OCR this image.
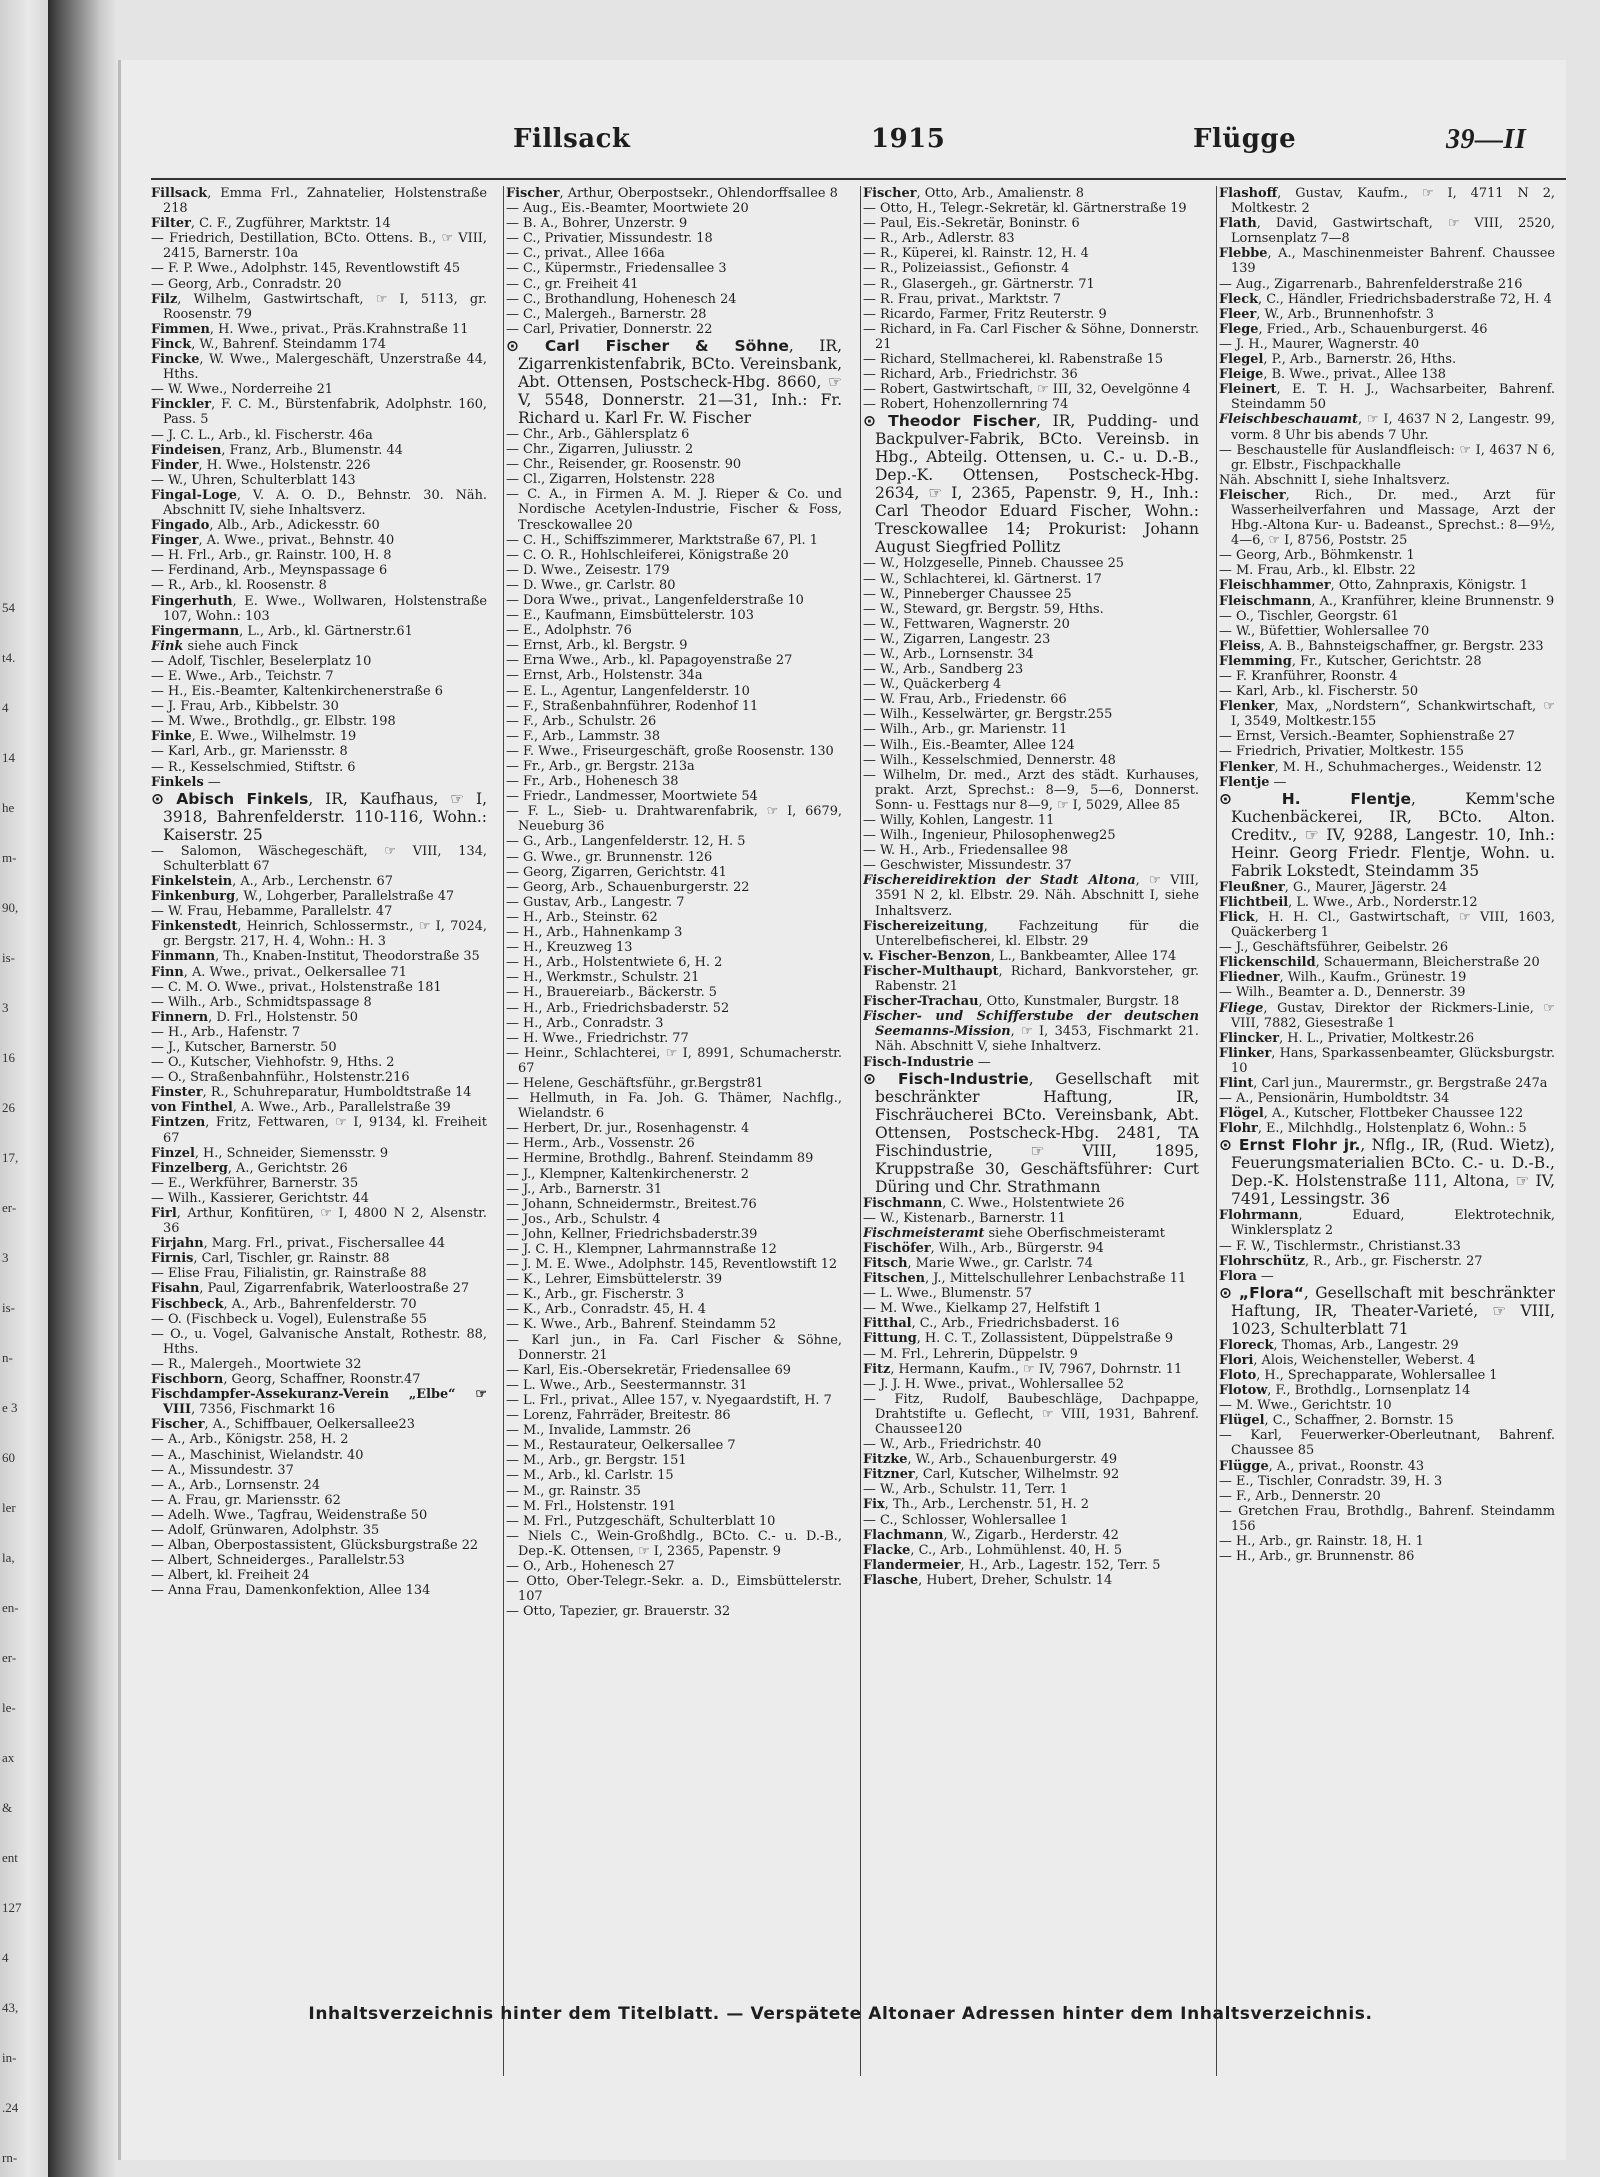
54
t4.
4
14
he
m-
90,
is-
3
16
26
17,
er-
3
is-
n-
e 3
60
ler
la,
en-
er-
le-
ax
&
ent
127
4
43,
in-
.24
rn-
Fillsack	1915	Flügge	39—II

Fillsack, Emma Frl., Zahnatelier, Holstenstraße 218

Filter, C. F., Zugführer, Marktstr. 14

— Friedrich, Destillation, BCto. Ottens. B., ☞ VIII, 2415, Barnerstr. 10a

— F. P. Wwe., Adolphstr. 145, Reventlowstift 45

— Georg, Arb., Conradstr. 20

Filz, Wilhelm, Gastwirtschaft, ☞ I, 5113, gr. Roosenstr. 79

Fimmen, H. Wwe., privat., Präs.Krahnstraße 11

Finck, W., Bahrenf. Steindamm 174

Fincke, W. Wwe., Malergeschäft, Unzerstraße 44, Hths.

— W. Wwe., Norderreihe 21

Finckler, F. C. M., Bürstenfabrik, Adolphstr. 160, Pass. 5

— J. C. L., Arb., kl. Fischerstr. 46a

Findeisen, Franz, Arb., Blumenstr. 44

Finder, H. Wwe., Holstenstr. 226

— W., Uhren, Schulterblatt 143

Fingal-Loge, V. A. O. D., Behnstr. 30. Näh. Abschnitt IV, siehe Inhaltsverz.

Fingado, Alb., Arb., Adickesstr. 60

Finger, A. Wwe., privat., Behnstr. 40

— H. Frl., Arb., gr. Rainstr. 100, H. 8

— Ferdinand, Arb., Meynspassage 6

— R., Arb., kl. Roosenstr. 8

Fingerhuth, E. Wwe., Wollwaren, Holstenstraße 107, Wohn.: 103

Fingermann, L., Arb., kl. Gärtnerstr.61

Fink siehe auch Finck

— Adolf, Tischler, Beselerplatz 10

— E. Wwe., Arb., Teichstr. 7

— H., Eis.-Beamter, Kaltenkirchenerstraße 6

— J. Frau, Arb., Kibbelstr. 30

— M. Wwe., Brothdlg., gr. Elbstr. 198

Finke, E. Wwe., Wilhelmstr. 19

— Karl, Arb., gr. Mariensstr. 8

— R., Kesselschmied, Stiftstr. 6

Finkels —

⊙ Abisch Finkels, IR, Kaufhaus, ☞ I, 3918, Bahrenfelderstr. 110-116, Wohn.: Kaiserstr. 25

— Salomon, Wäschegeschäft, ☞ VIII, 134, Schulterblatt 67

Finkelstein, A., Arb., Lerchenstr. 67

Finkenburg, W., Lohgerber, Parallelstraße 47

— W. Frau, Hebamme, Parallelstr. 47

Finkenstedt, Heinrich, Schlossermstr., ☞ I, 7024, gr. Bergstr. 217, H. 4, Wohn.: H. 3

Finmann, Th., Knaben-Institut, Theodorstraße 35

Finn, A. Wwe., privat., Oelkersallee 71

— C. M. O. Wwe., privat., Holstenstraße 181

— Wilh., Arb., Schmidtspassage 8

Finnern, D. Frl., Holstenstr. 50

— H., Arb., Hafenstr. 7

— J., Kutscher, Barnerstr. 50

— O., Kutscher, Viehhofstr. 9, Hths. 2

— O., Straßenbahnführ., Holstenstr.216

Finster, R., Schuhreparatur, Humboldtstraße 14

von Finthel, A. Wwe., Arb., Parallelstraße 39

Fintzen, Fritz, Fettwaren, ☞ I, 9134, kl. Freiheit 67

Finzel, H., Schneider, Siemensstr. 9

Finzelberg, A., Gerichtstr. 26

— E., Werkführer, Barnerstr. 35

— Wilh., Kassierer, Gerichtstr. 44

Firl, Arthur, Konfitüren, ☞ I, 4800 N 2, Alsenstr. 36

Firjahn, Marg. Frl., privat., Fischersallee 44

Firnis, Carl, Tischler, gr. Rainstr. 88

— Elise Frau, Filialistin, gr. Rainstraße 88

Fisahn, Paul, Zigarrenfabrik, Waterloostraße 27

Fischbeck, A., Arb., Bahrenfelderstr. 70

— O. (Fischbeck u. Vogel), Eulenstraße 55

— O., u. Vogel, Galvanische Anstalt, Rothestr. 88, Hths.

— R., Malergeh., Moortwiete 32

Fischborn, Georg, Schaffner, Roonstr.47

Fischdampfer-Assekuranz-Verein „Elbe“ ☞ VIII, 7356, Fischmarkt 16

Fischer, A., Schiffbauer, Oelkersallee23

— A., Arb., Königstr. 258, H. 2

— A., Maschinist, Wielandstr. 40

— A., Missundestr. 37

— A., Arb., Lornsenstr. 24

— A. Frau, gr. Mariensstr. 62

— Adelh. Wwe., Tagfrau, Weidenstraße 50

— Adolf, Grünwaren, Adolphstr. 35

— Alban, Oberpostassistent, Glücksburgstraße 22

— Albert, Schneiderges., Parallelstr.53

— Albert, kl. Freiheit 24

— Anna Frau, Damenkonfektion, Allee 134

Fischer, Arthur, Oberpostsekr., Ohlendorffsallee 8

— Aug., Eis.-Beamter, Moortwiete 20

— B. A., Bohrer, Unzerstr. 9

— C., Privatier, Missundestr. 18

— C., privat., Allee 166a

— C., Küpermstr., Friedensallee 3

— C., gr. Freiheit 41

— C., Brothandlung, Hohenesch 24

— C., Malergeh., Barnerstr. 28

— Carl, Privatier, Donnerstr. 22

⊙ Carl Fischer & Söhne, IR, Zigarrenkistenfabrik, BCto. Vereinsbank, Abt. Ottensen, Postscheck-Hbg. 8660, ☞ V, 5548, Donnerstr. 21—31, Inh.: Fr. Richard u. Karl Fr. W. Fischer

— Chr., Arb., Gählersplatz 6

— Chr., Zigarren, Juliusstr. 2

— Chr., Reisender, gr. Roosenstr. 90

— Cl., Zigarren, Holstenstr. 228

— C. A., in Firmen A. M. J. Rieper & Co. und Nordische Acetylen-Industrie, Fischer & Foss, Tresckowallee 20

— C. H., Schiffszimmerer, Marktstraße 67, Pl. 1

— C. O. R., Hohlschleiferei, Königstraße 20

— D. Wwe., Zeisestr. 179

— D. Wwe., gr. Carlstr. 80

— Dora Wwe., privat., Langenfelderstraße 10

— E., Kaufmann, Eimsbüttelerstr. 103

— E., Adolphstr. 76

— Ernst, Arb., kl. Bergstr. 9

— Erna Wwe., Arb., kl. Papagoyenstraße 27

— Ernst, Arb., Holstenstr. 34a

— E. L., Agentur, Langenfelderstr. 10

— F., Straßenbahnführer, Rodenhof 11

— F., Arb., Schulstr. 26

— F., Arb., Lammstr. 38

— F. Wwe., Friseurgeschäft, große Roosenstr. 130

— Fr., Arb., gr. Bergstr. 213a

— Fr., Arb., Hohenesch 38

— Friedr., Landmesser, Moortwiete 54

— F. L., Sieb- u. Drahtwarenfabrik, ☞ I, 6679, Neueburg 36

— G., Arb., Langenfelderstr. 12, H. 5

— G. Wwe., gr. Brunnenstr. 126

— Georg, Zigarren, Gerichtstr. 41

— Georg, Arb., Schauenburgerstr. 22

— Gustav, Arb., Langestr. 7

— H., Arb., Steinstr. 62

— H., Arb., Hahnenkamp 3

— H., Kreuzweg 13

— H., Arb., Holstentwiete 6, H. 2

— H., Werkmstr., Schulstr. 21

— H., Brauereiarb., Bäckerstr. 5

— H., Arb., Friedrichsbaderstr. 52

— H., Arb., Conradstr. 3

— H. Wwe., Friedrichstr. 77

— Heinr., Schlachterei, ☞ I, 8991, Schumacherstr. 67

— Helene, Geschäftsführ., gr.Bergstr81

— Hellmuth, in Fa. Joh. G. Thämer, Nachflg., Wielandstr. 6

— Herbert, Dr. jur., Rosenhagenstr. 4

— Herm., Arb., Vossenstr. 26

— Hermine, Brothdlg., Bahrenf. Steindamm 89

— J., Klempner, Kaltenkirchenerstr. 2

— J., Arb., Barnerstr. 31

— Johann, Schneidermstr., Breitest.76

— Jos., Arb., Schulstr. 4

— John, Kellner, Friedrichsbaderstr.39

— J. C. H., Klempner, Lahrmannstraße 12

— J. M. E. Wwe., Adolphstr. 145, Reventlowstift 12

— K., Lehrer, Eimsbüttelerstr. 39

— K., Arb., gr. Fischerstr. 3

— K., Arb., Conradstr. 45, H. 4

— K. Wwe., Arb., Bahrenf. Steindamm 52

— Karl jun., in Fa. Carl Fischer & Söhne, Donnerstr. 21

— Karl, Eis.-Obersekretär, Friedensallee 69

— L. Wwe., Arb., Seestermannstr. 31

— L. Frl., privat., Allee 157, v. Nyegaardstift, H. 7

— Lorenz, Fahrräder, Breitestr. 86

— M., Invalide, Lammstr. 26

— M., Restaurateur, Oelkersallee 7

— M., Arb., gr. Bergstr. 151

— M., Arb., kl. Carlstr. 15

— M., gr. Rainstr. 35

— M. Frl., Holstenstr. 191

— M. Frl., Putzgeschäft, Schulterblatt 10

— Niels C., Wein-Großhdlg., BCto. C.- u. D.-B., Dep.-K. Ottensen, ☞ I, 2365, Papenstr. 9

— O., Arb., Hohenesch 27

— Otto, Ober-Telegr.-Sekr. a. D., Eimsbüttelerstr. 107

— Otto, Tapezier, gr. Brauerstr. 32

Fischer, Otto, Arb., Amalienstr. 8

— Otto, H., Telegr.-Sekretär, kl. Gärtnerstraße 19

— Paul, Eis.-Sekretär, Boninstr. 6

— R., Arb., Adlerstr. 83

— R., Küperei, kl. Rainstr. 12, H. 4

— R., Polizeiassist., Gefionstr. 4

— R., Glasergeh., gr. Gärtnerstr. 71

— R. Frau, privat., Marktstr. 7

— Ricardo, Farmer, Fritz Reuterstr. 9

— Richard, in Fa. Carl Fischer & Söhne, Donnerstr. 21

— Richard, Stellmacherei, kl. Rabenstraße 15

— Richard, Arb., Friedrichstr. 36

— Robert, Gastwirtschaft, ☞ III, 32, Oevelgönne 4

— Robert, Hohenzollernring 74

⊙ Theodor Fischer, IR, Pudding- und Backpulver-Fabrik, BCto. Vereinsb. in Hbg., Abteilg. Ottensen, u. C.- u. D.-B., Dep.-K. Ottensen, Postscheck-Hbg. 2634, ☞ I, 2365, Papenstr. 9, H., Inh.: Carl Theodor Eduard Fischer, Wohn.: Tresckowallee 14; Prokurist: Johann August Siegfried Pollitz

— W., Holzgeselle, Pinneb. Chaussee 25

— W., Schlachterei, kl. Gärtnerst. 17

— W., Pinneberger Chaussee 25

— W., Steward, gr. Bergstr. 59, Hths.

— W., Fettwaren, Wagnerstr. 20

— W., Zigarren, Langestr. 23

— W., Arb., Lornsenstr. 34

— W., Arb., Sandberg 23

— W., Quäckerberg 4

— W. Frau, Arb., Friedenstr. 66

— Wilh., Kesselwärter, gr. Bergstr.255

— Wilh., Arb., gr. Marienstr. 11

— Wilh., Eis.-Beamter, Allee 124

— Wilh., Kesselschmied, Dennerstr. 48

— Wilhelm, Dr. med., Arzt des städt. Kurhauses, prakt. Arzt, Sprechst.: 8—9, 5—6, Donnerst. Sonn- u. Festtags nur 8—9, ☞ I, 5029, Allee 85

— Willy, Kohlen, Langestr. 11

— Wilh., Ingenieur, Philosophenweg25

— W. H., Arb., Friedensallee 98

— Geschwister, Missundestr. 37

Fischereidirektion der Stadt Altona, ☞ VIII, 3591 N 2, kl. Elbstr. 29. Näh. Abschnitt I, siehe Inhaltsverz.

Fischereizeitung, Fachzeitung für die Unterelbefischerei, kl. Elbstr. 29

v. Fischer-Benzon, L., Bankbeamter, Allee 174

Fischer-Multhaupt, Richard, Bankvorsteher, gr. Rabenstr. 21

Fischer-Trachau, Otto, Kunstmaler, Burgstr. 18

Fischer- und Schifferstube der deutschen Seemanns-Mission, ☞ I, 3453, Fischmarkt 21. Näh. Abschnitt V, siehe Inhaltverz.

Fisch-Industrie —

⊙ Fisch-Industrie, Gesellschaft mit beschränkter Haftung, IR, Fischräucherei BCto. Vereinsbank, Abt. Ottensen, Postscheck-Hbg. 2481, TA Fischindustrie, ☞ VIII, 1895, Kruppstraße 30, Geschäftsführer: Curt Düring und Chr. Strathmann

Fischmann, C. Wwe., Holstentwiete 26

— W., Kistenarb., Barnerstr. 11

Fischmeisteramt siehe Oberfischmeisteramt

Fischöfer, Wilh., Arb., Bürgerstr. 94

Fitsch, Marie Wwe., gr. Carlstr. 74

Fitschen, J., Mittelschullehrer Lenbachstraße 11

— L. Wwe., Blumenstr. 57

— M. Wwe., Kielkamp 27, Helfstift 1

Fitthal, C., Arb., Friedrichsbaderst. 16

Fittung, H. C. T., Zollassistent, Düppelstraße 9

— M. Frl., Lehrerin, Düppelstr. 9

Fitz, Hermann, Kaufm., ☞ IV, 7967, Dohrnstr. 11

— J. J. H. Wwe., privat., Wohlersallee 52

— Fitz, Rudolf, Baubeschläge, Dachpappe, Drahtstifte u. Geflecht, ☞ VIII, 1931, Bahrenf. Chaussee120

— W., Arb., Friedrichstr. 40

Fitzke, W., Arb., Schauenburgerstr. 49

Fitzner, Carl, Kutscher, Wilhelmstr. 92

— W., Arb., Schulstr. 11, Terr. 1

Fix, Th., Arb., Lerchenstr. 51, H. 2

— C., Schlosser, Wohlersallee 1

Flachmann, W., Zigarb., Herderstr. 42

Flacke, C., Arb., Lohmühlenst. 40, H. 5

Flandermeier, H., Arb., Lagestr. 152, Terr. 5

Flasche, Hubert, Dreher, Schulstr. 14

Flashoff, Gustav, Kaufm., ☞ I, 4711 N 2, Moltkestr. 2

Flath, David, Gastwirtschaft, ☞ VIII, 2520, Lornsenplatz 7—8

Flebbe, A., Maschinenmeister Bahrenf. Chaussee 139

— Aug., Zigarrenarb., Bahrenfelderstraße 216

Fleck, C., Händler, Friedrichsbaderstraße 72, H. 4

Fleer, W., Arb., Brunnenhofstr. 3

Flege, Fried., Arb., Schauenburgerst. 46

— J. H., Maurer, Wagnerstr. 40

Flegel, P., Arb., Barnerstr. 26, Hths.

Fleige, B. Wwe., privat., Allee 138

Fleinert, E. T. H. J., Wachsarbeiter, Bahrenf. Steindamm 50

Fleischbeschauamt, ☞ I, 4637 N 2, Langestr. 99, vorm. 8 Uhr bis abends 7 Uhr.

— Beschaustelle für Auslandfleisch: ☞ I, 4637 N 6, gr. Elbstr., Fischpackhalle

Näh. Abschnitt I, siehe Inhaltsverz.

Fleischer, Rich., Dr. med., Arzt für Wasserheilverfahren und Massage, Arzt der Hbg.-Altona Kur- u. Badeanst., Sprechst.: 8—9½, 4—6, ☞ I, 8756, Poststr. 25

— Georg, Arb., Böhmkenstr. 1

— M. Frau, Arb., kl. Elbstr. 22

Fleischhammer, Otto, Zahnpraxis, Königstr. 1

Fleischmann, A., Kranführer, kleine Brunnenstr. 9

— O., Tischler, Georgstr. 61

— W., Büfettier, Wohlersallee 70

Fleiss, A. B., Bahnsteigschaffner, gr. Bergstr. 233

Flemming, Fr., Kutscher, Gerichtstr. 28

— F. Kranführer, Roonstr. 4

— Karl, Arb., kl. Fischerstr. 50

Flenker, Max, „Nordstern“, Schankwirtschaft, ☞ I, 3549, Moltkestr.155

— Ernst, Versich.-Beamter, Sophienstraße 27

— Friedrich, Privatier, Moltkestr. 155

Flenker, M. H., Schuhmacherges., Weidenstr. 12

Flentje —

⊙ H. Flentje, Kemm'sche Kuchenbäckerei, IR, BCto. Alton. Creditv., ☞ IV, 9288, Langestr. 10, Inh.: Heinr. Georg Friedr. Flentje, Wohn. u. Fabrik Lokstedt, Steindamm 35

Fleußner, G., Maurer, Jägerstr. 24

Flichtbeil, L. Wwe., Arb., Norderstr.12

Flick, H. H. Cl., Gastwirtschaft, ☞ VIII, 1603, Quäckerberg 1

— J., Geschäftsführer, Geibelstr. 26

Flickenschild, Schauermann, Bleicherstraße 20

Fliedner, Wilh., Kaufm., Grünestr. 19

— Wilh., Beamter a. D., Dennerstr. 39

Fliege, Gustav, Direktor der Rickmers-Linie, ☞ VIII, 7882, Giesestraße 1

Flincker, H. L., Privatier, Moltkestr.26

Flinker, Hans, Sparkassenbeamter, Glücksburgstr. 10

Flint, Carl jun., Maurermstr., gr. Bergstraße 247a

— A., Pensionärin, Humboldtstr. 34

Flögel, A., Kutscher, Flottbeker Chaussee 122

Flohr, E., Milchhdlg., Holstenplatz 6, Wohn.: 5

⊙ Ernst Flohr jr., Nflg., IR, (Rud. Wietz), Feuerungsmaterialien BCto. C.- u. D.-B., Dep.-K. Holstenstraße 111, Altona, ☞ IV, 7491, Lessingstr. 36

Flohrmann, Eduard, Elektrotechnik, Winklersplatz 2

— F. W., Tischlermstr., Christianst.33

Flohrschütz, R., Arb., gr. Fischerstr. 27

Flora —

⊙ „Flora“, Gesellschaft mit beschränkter Haftung, IR, Theater-Varieté, ☞ VIII, 1023, Schulterblatt 71

Floreck, Thomas, Arb., Langestr. 29

Flori, Alois, Weichensteller, Weberst. 4

Floto, H., Sprechapparate, Wohlersallee 1

Flotow, F., Brothdlg., Lornsenplatz 14

— M. Wwe., Gerichtstr. 10

Flügel, C., Schaffner, 2. Bornstr. 15

— Karl, Feuerwerker-Oberleutnant, Bahrenf. Chaussee 85

Flügge, A., privat., Roonstr. 43

— E., Tischler, Conradstr. 39, H. 3

— F., Arb., Dennerstr. 20

— Gretchen Frau, Brothdlg., Bahrenf. Steindamm 156

— H., Arb., gr. Rainstr. 18, H. 1

— H., Arb., gr. Brunnenstr. 86

Inhaltsverzeichnis hinter dem Titelblatt. — Verspätete Altonaer Adressen hinter dem Inhaltsverzeichnis.
